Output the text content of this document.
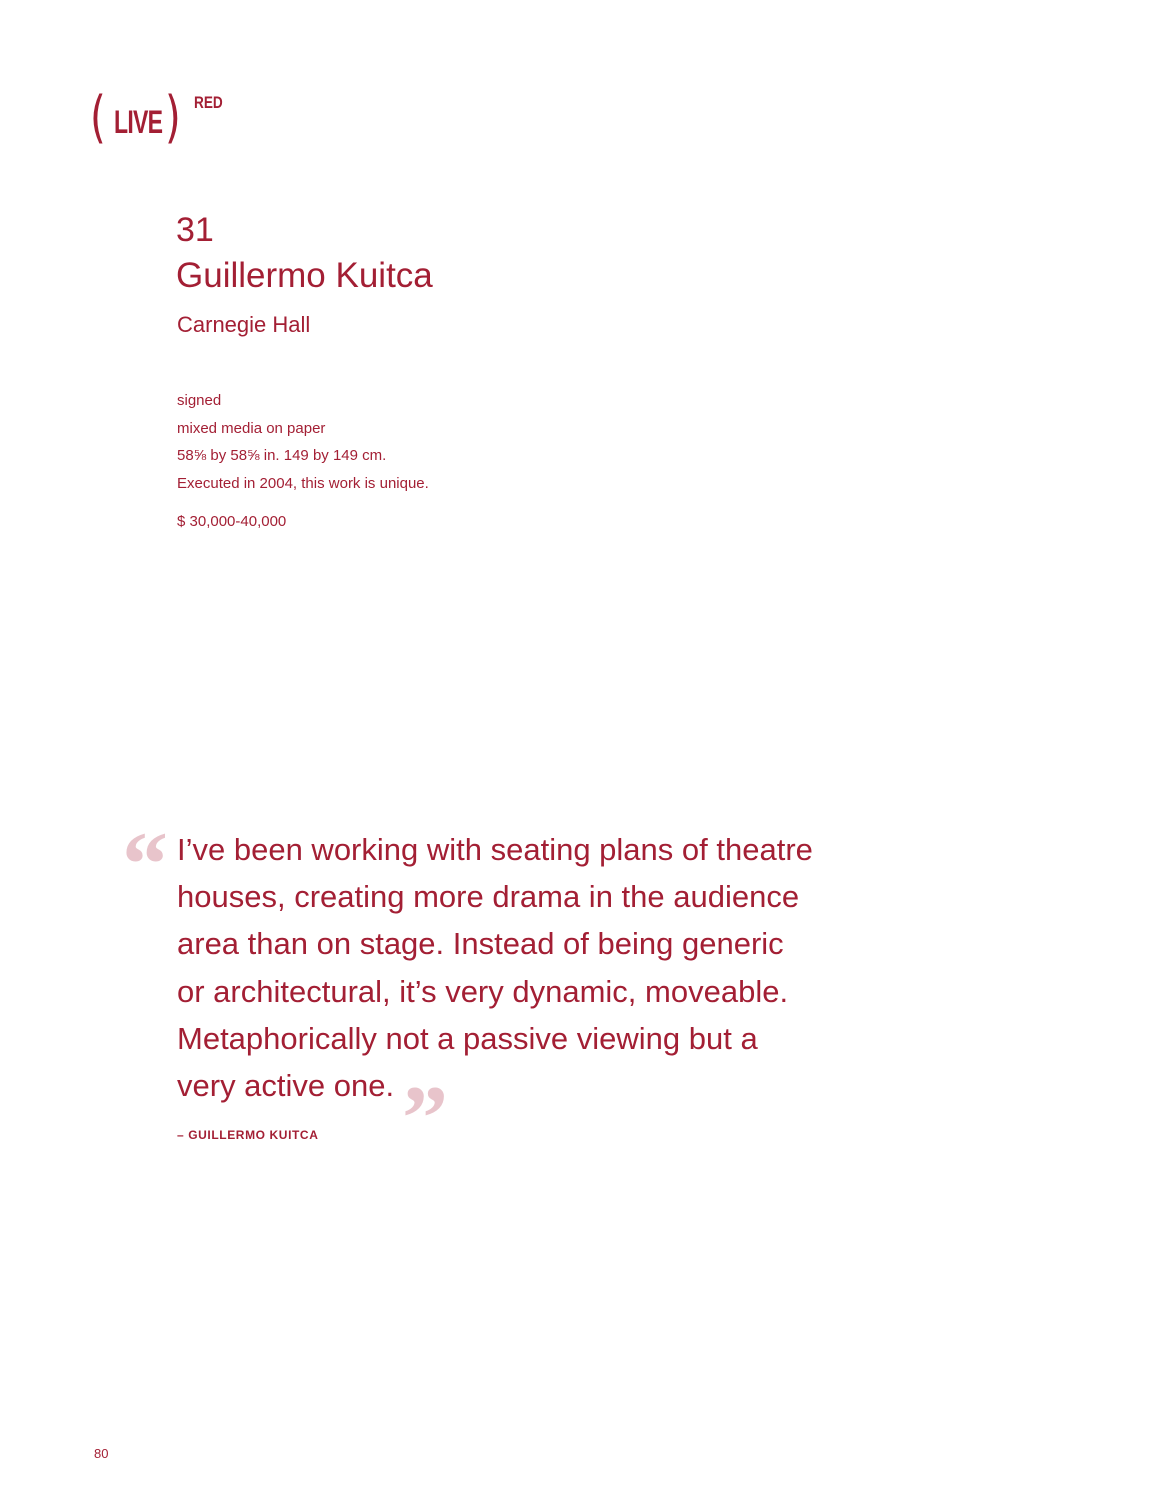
( LIVE ) RED
31
Guillermo Kuitca
Carnegie Hall
signed
mixed media on paper
58⅝ by 58⅝ in. 149 by 149 cm.
Executed in 2004, this work is unique.
$ 30,000-40,000
“ I’ve been working with seating plans of theatre
houses, creating more drama in the audience
area than on stage. Instead of being generic
or architectural, it’s very dynamic, moveable.
Metaphorically not a passive viewing but a
very active one. ”
– GUILLERMO KUITCA
80
